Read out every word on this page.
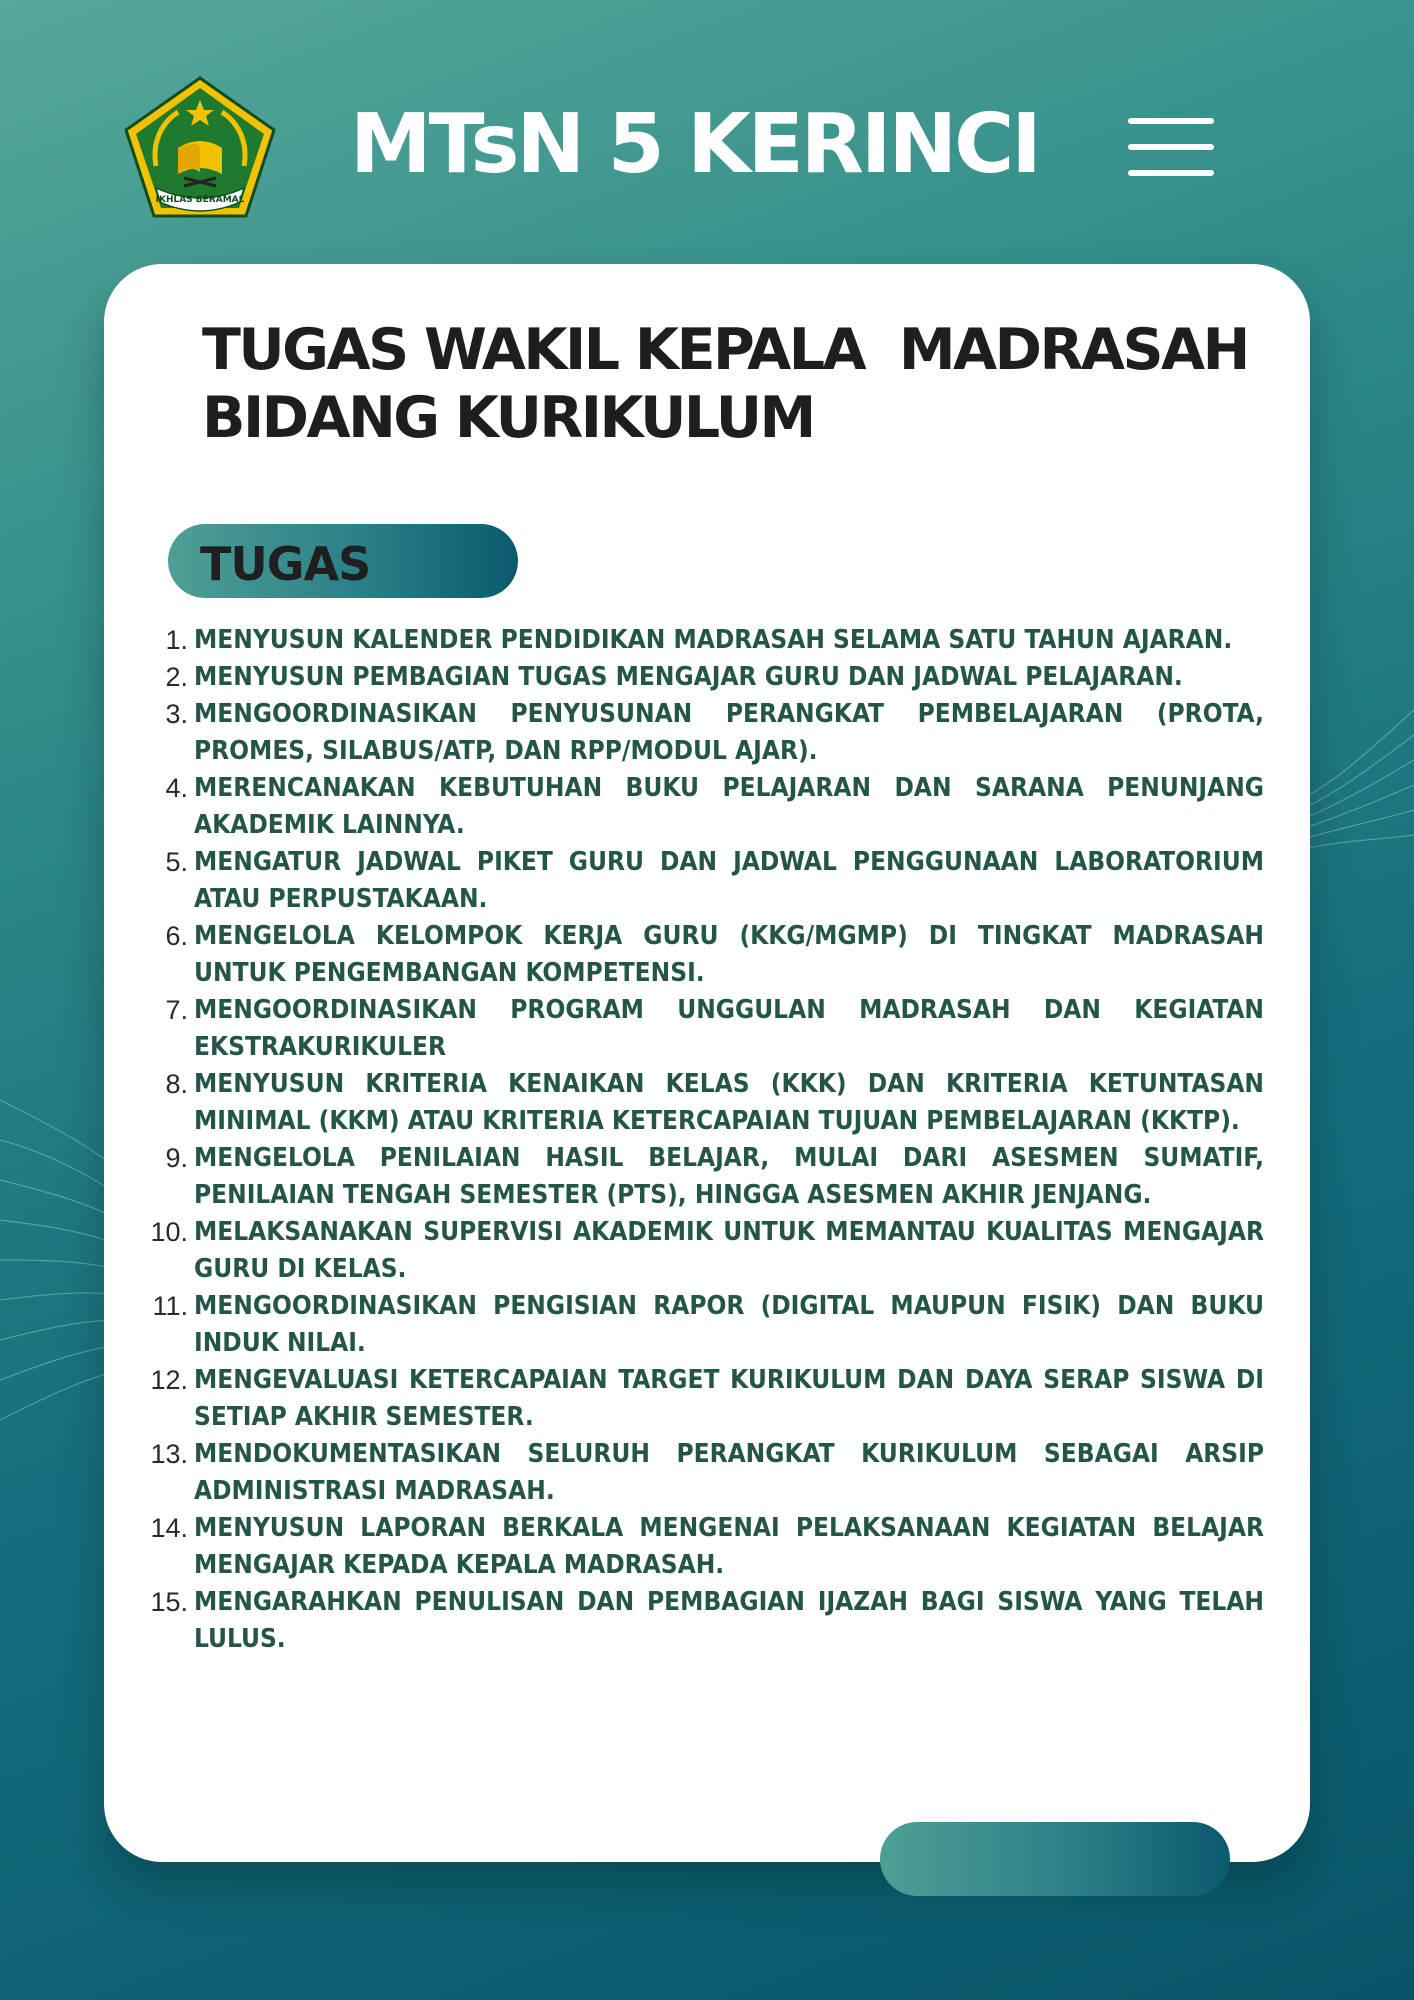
IKHLAS BERAMAL
MTsN 5 KERINCI
TUGAS WAKIL KEPALA  MADRASAH
BIDANG KURIKULUM
TUGAS
1. MENYUSUN KALENDER PENDIDIKAN MADRASAH SELAMA SATU TAHUN AJARAN.
2. MENYUSUN PEMBAGIAN TUGAS MENGAJAR GURU DAN JADWAL PELAJARAN.
3. MENGOORDINASIKAN PENYUSUNAN PERANGKAT PEMBELAJARAN (PROTA, PROMES, SILABUS/ATP, DAN RPP/MODUL AJAR).
4. MERENCANAKAN KEBUTUHAN BUKU PELAJARAN DAN SARANA PENUNJANG AKADEMIK LAINNYA.
5. MENGATUR JADWAL PIKET GURU DAN JADWAL PENGGUNAAN LABORATORIUM ATAU PERPUSTAKAAN.
6. MENGELOLA KELOMPOK KERJA GURU (KKG/MGMP) DI TINGKAT MADRASAH UNTUK PENGEMBANGAN KOMPETENSI.
7. MENGOORDINASIKAN PROGRAM UNGGULAN MADRASAH DAN KEGIATAN EKSTRAKURIKULER
8. MENYUSUN KRITERIA KENAIKAN KELAS (KKK) DAN KRITERIA KETUNTASAN MINIMAL (KKM) ATAU KRITERIA KETERCAPAIAN TUJUAN PEMBELAJARAN (KKTP).
9. MENGELOLA PENILAIAN HASIL BELAJAR, MULAI DARI ASESMEN SUMATIF, PENILAIAN TENGAH SEMESTER (PTS), HINGGA ASESMEN AKHIR JENJANG.
10. MELAKSANAKAN SUPERVISI AKADEMIK UNTUK MEMANTAU KUALITAS MENGAJAR GURU DI KELAS.
11. MENGOORDINASIKAN PENGISIAN RAPOR (DIGITAL MAUPUN FISIK) DAN BUKU INDUK NILAI.
12. MENGEVALUASI KETERCAPAIAN TARGET KURIKULUM DAN DAYA SERAP SISWA DI SETIAP AKHIR SEMESTER.
13. MENDOKUMENTASIKAN SELURUH PERANGKAT KURIKULUM SEBAGAI ARSIP ADMINISTRASI MADRASAH.
14. MENYUSUN LAPORAN BERKALA MENGENAI PELAKSANAAN KEGIATAN BELAJAR MENGAJAR KEPADA KEPALA MADRASAH.
15. MENGARAHKAN PENULISAN DAN PEMBAGIAN IJAZAH BAGI SISWA YANG TELAH LULUS.
